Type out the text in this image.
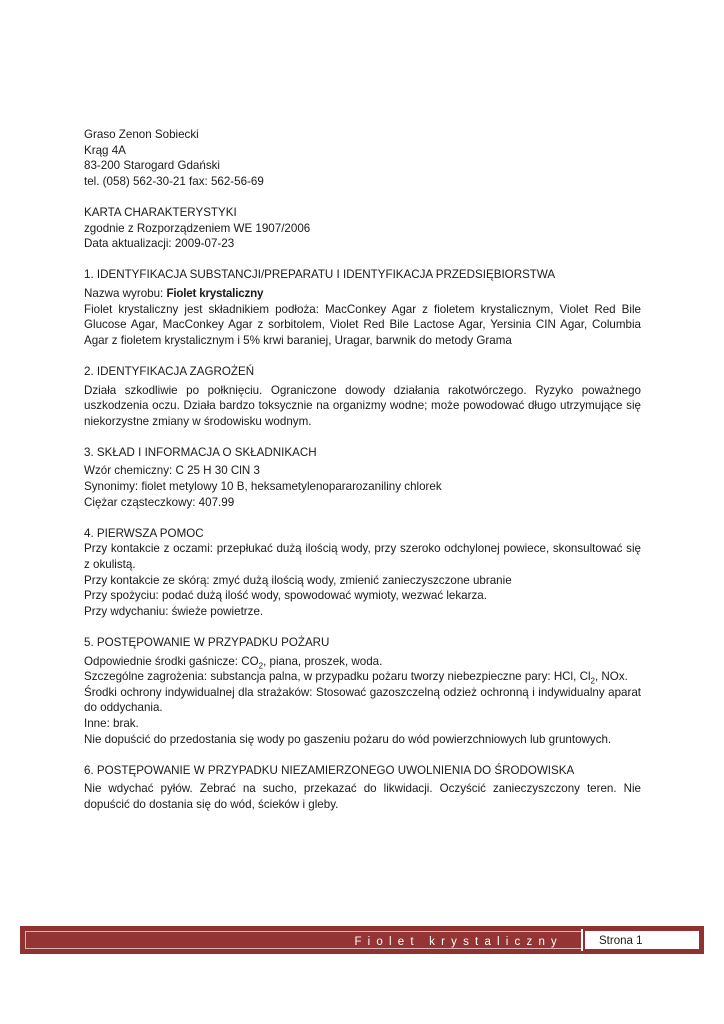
Graso Zenon Sobiecki
Krąg 4A
83-200 Starogard Gdański
tel. (058) 562-30-21 fax: 562-56-69
KARTA CHARAKTERYSTYKI
zgodnie z Rozporządzeniem WE 1907/2006
Data aktualizacji: 2009-07-23
1. IDENTYFIKACJA SUBSTANCJI/PREPARATU I IDENTYFIKACJA PRZEDSIĘBIORSTWA
Nazwa wyrobu: Fiolet krystaliczny
Fiolet krystaliczny jest składnikiem podłoża: MacConkey Agar z fioletem krystalicznym, Violet Red Bile Glucose Agar, MacConkey Agar z sorbitolem, Violet Red Bile Lactose Agar, Yersinia CIN Agar, Columbia Agar z fioletem krystalicznym i 5% krwi baraniej, Uragar, barwnik do metody Grama
2. IDENTYFIKACJA ZAGROŻEŃ
Działa szkodliwie po połknięciu. Ograniczone dowody działania rakotwórczego. Ryzyko poważnego uszkodzenia oczu. Działa bardzo toksycznie na organizmy wodne; może powodować długo utrzymujące się niekorzystne zmiany w środowisku wodnym.
3. SKŁAD I INFORMACJA O SKŁADNIKACH
Wzór chemiczny: C 25 H 30 ClN 3
Synonimy: fiolet metylowy 10 B, heksametylenopararozaniliny chlorek
Ciężar cząsteczkowy: 407.99
4. PIERWSZA POMOC
Przy kontakcie z oczami: przepłukać dużą ilością wody, przy szeroko odchylonej powiece, skonsultować się z okulistą.
Przy kontakcie ze skórą: zmyć dużą ilością wody, zmienić zanieczyszczone ubranie
Przy spożyciu: podać dużą ilość wody, spowodować wymioty, wezwać lekarza.
Przy wdychaniu: świeże powietrze.
5. POSTĘPOWANIE W PRZYPADKU POŻARU
Odpowiednie środki gaśnicze: $CO_2$, piana, proszek, woda.
Szczególne zagrożenia: substancja palna, w przypadku pożaru tworzy niebezpieczne pary: HCl, $Cl_2$, NOx.
Środki ochrony indywidualnej dla strażaków: Stosować gazoszczelną odzież ochronną i indywidualny aparat do oddychania.
Inne: brak.
Nie dopuścić do przedostania się wody po gaszeniu pożaru do wód powierzchniowych lub gruntowych.
6. POSTĘPOWANIE W PRZYPADKU NIEZAMIERZONEGO UWOLNIENIA DO ŚRODOWISKA
Nie wdychać pyłów. Zebrać na sucho, przekazać do likwidacji. Oczyścić zanieczyszczony teren. Nie dopuścić do dostania się do wód, ścieków i gleby.
Fiolet krystaliczny	Strona 1
